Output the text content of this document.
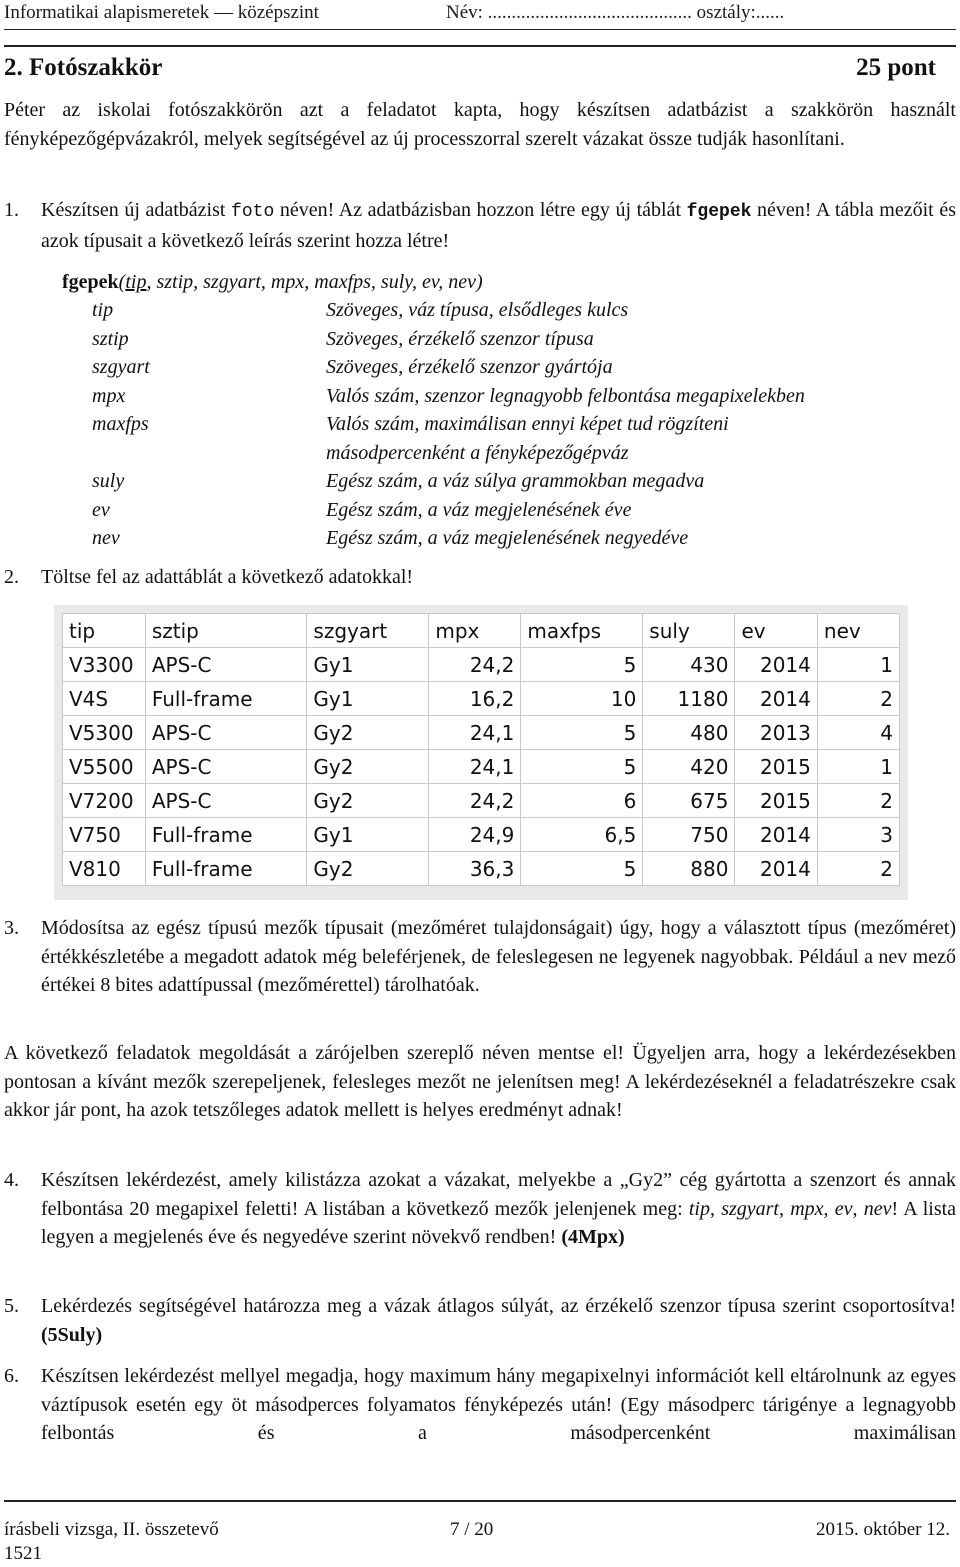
Informatikai alapismeretek — középszint	Név: ........................................... osztály:......
2. Fotószakkör	25 pont
Péter az iskolai fotószakkörön azt a feladatot kapta, hogy készítsen adatbázist a szakkörön használt fényképezőgépvázakról, melyek segítségével az új processzorral szerelt vázakat össze tudják hasonlítani.
1. Készítsen új adatbázist foto néven! Az adatbázisban hozzon létre egy új táblát fgepek néven! A tábla mezőit és azok típusait a következő leírás szerint hozza létre!
fgepek(tip, sztip, szgyart, mpx, maxfps, suly, ev, nev)
tip	Szöveges, váz típusa, elsődleges kulcs
sztip	Szöveges, érzékelő szenzor típusa
szgyart	Szöveges, érzékelő szenzor gyártója
mpx	Valós szám, szenzor legnagyobb felbontása megapixelekben
maxfps	Valós szám, maximálisan ennyi képet tud rögzíteni másodpercenként a fényképezőgépváz
suly	Egész szám, a váz súlya grammokban megadva
ev	Egész szám, a váz megjelenésének éve
nev	Egész szám, a váz megjelenésének negyedéve
2. Töltse fel az adattáblát a következő adatokkal!
tip	sztip	szgyart	mpx	maxfps	suly	ev	nev
V3300	APS-C	Gy1	24,2	5	430	2014	1
V4S	Full-frame	Gy1	16,2	10	1180	2014	2
V5300	APS-C	Gy2	24,1	5	480	2013	4
V5500	APS-C	Gy2	24,1	5	420	2015	1
V7200	APS-C	Gy2	24,2	6	675	2015	2
V750	Full-frame	Gy1	24,9	6,5	750	2014	3
V810	Full-frame	Gy2	36,3	5	880	2014	2
3. Módosítsa az egész típusú mezők típusait (mezőméret tulajdonságait) úgy, hogy a választott típus (mezőméret) értékkészletébe a megadott adatok még beleférjenek, de feleslegesen ne legyenek nagyobbak. Például a nev mező értékei 8 bites adattípussal (mezőmérettel) tárolhatóak.
A következő feladatok megoldását a zárójelben szereplő néven mentse el! Ügyeljen arra, hogy a lekérdezésekben pontosan a kívánt mezők szerepeljenek, felesleges mezőt ne jelenítsen meg! A lekérdezéseknél a feladatrészekre csak akkor jár pont, ha azok tetszőleges adatok mellett is helyes eredményt adnak!
4. Készítsen lekérdezést, amely kilistázza azokat a vázakat, melyekbe a „Gy2” cég gyártotta a szenzort és annak felbontása 20 megapixel feletti! A listában a következő mezők jelenjenek meg: tip, szgyart, mpx, ev, nev! A lista legyen a megjelenés éve és negyedéve szerint növekvő rendben! (4Mpx)
5. Lekérdezés segítségével határozza meg a vázak átlagos súlyát, az érzékelő szenzor típusa szerint csoportosítva! (5Suly)
6. Készítsen lekérdezést mellyel megadja, hogy maximum hány megapixelnyi információt kell eltárolnunk az egyes váztípusok esetén egy öt másodperces folyamatos fényképezés után! (Egy másodperc tárigénye a legnagyobb felbontás és a másodpercenként maximálisan
írásbeli vizsga, II. összetevő	7 / 20	2015. október 12.
1521
